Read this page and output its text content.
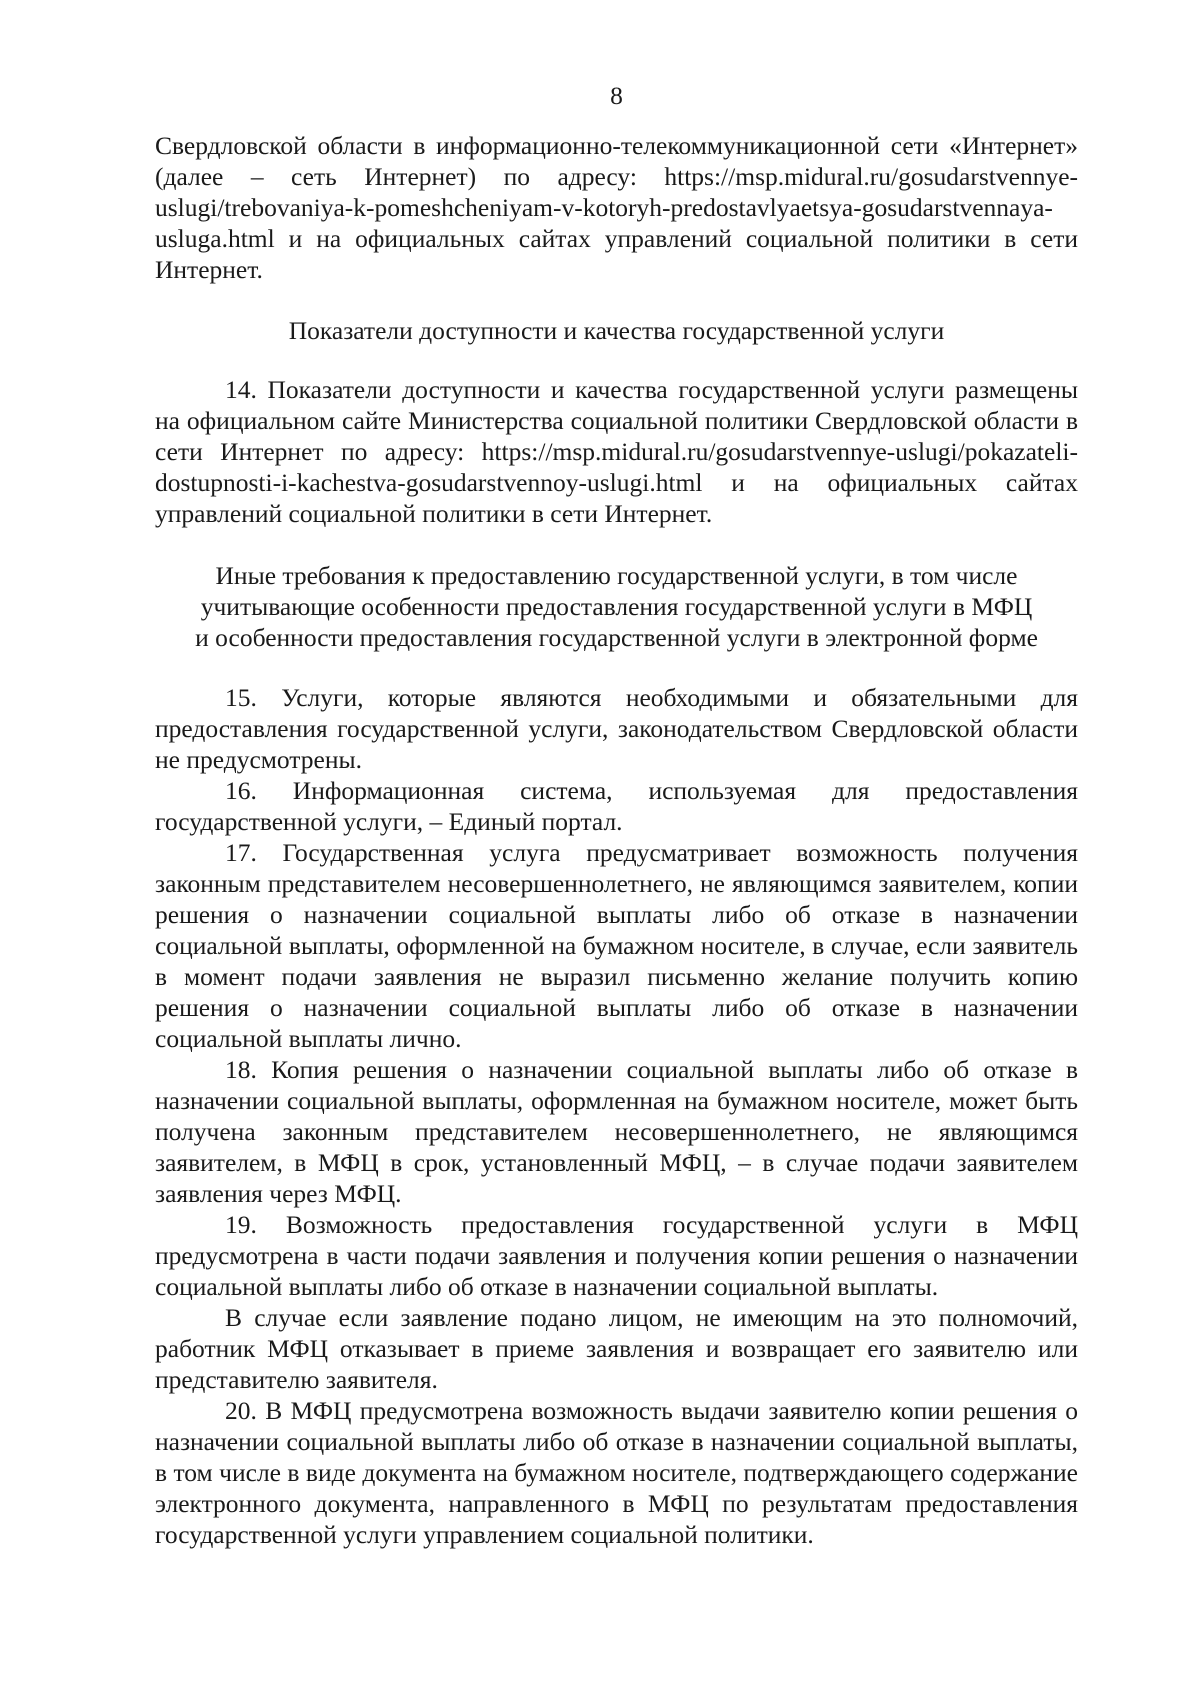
8

Свердловской области в информационно-телекоммуникационной сети «Интернет» (далее – сеть Интернет) по адресу: https://msp.midural.ru/gosudarstvennye-uslugi/trebovaniya-k-pomeshcheniyam-v-kotoryh-predostavlyaetsya-gosudarstvennaya-usluga.html и на официальных сайтах управлений социальной политики в сети Интернет.

Показатели доступности и качества государственной услуги

14. Показатели доступности и качества государственной услуги размещены на официальном сайте Министерства социальной политики Свердловской области в сети Интернет по адресу: https://msp.midural.ru/gosudarstvennye-uslugi/pokazateli-dostupnosti-i-kachestva-gosudarstvennoy-uslugi.html и на официальных сайтах управлений социальной политики в сети Интернет.

Иные требования к предоставлению государственной услуги, в том числе

учитывающие особенности предоставления государственной услуги в МФЦ

и особенности предоставления государственной услуги в электронной форме

15. Услуги, которые являются необходимыми и обязательными для предоставления государственной услуги, законодательством Свердловской области не предусмотрены.

16. Информационная система, используемая для предоставления государственной услуги, – Единый портал.

17. Государственная услуга предусматривает возможность получения законным представителем несовершеннолетнего, не являющимся заявителем, копии решения о назначении социальной выплаты либо об отказе в назначении социальной выплаты, оформленной на бумажном носителе, в случае, если заявитель в момент подачи заявления не выразил письменно желание получить копию решения о назначении социальной выплаты либо об отказе в назначении социальной выплаты лично.

18. Копия решения о назначении социальной выплаты либо об отказе в назначении социальной выплаты, оформленная на бумажном носителе, может быть получена законным представителем несовершеннолетнего, не являющимся заявителем, в МФЦ в срок, установленный МФЦ, – в случае подачи заявителем заявления через МФЦ.

19. Возможность предоставления государственной услуги в МФЦ предусмотрена в части подачи заявления и получения копии решения о назначении социальной выплаты либо об отказе в назначении социальной выплаты.

В случае если заявление подано лицом, не имеющим на это полномочий, работник МФЦ отказывает в приеме заявления и возвращает его заявителю или представителю заявителя.

20. В МФЦ предусмотрена возможность выдачи заявителю копии решения о назначении социальной выплаты либо об отказе в назначении социальной выплаты, в том числе в виде документа на бумажном носителе, подтверждающего содержание электронного документа, направленного в МФЦ по результатам предоставления государственной услуги управлением социальной политики.
